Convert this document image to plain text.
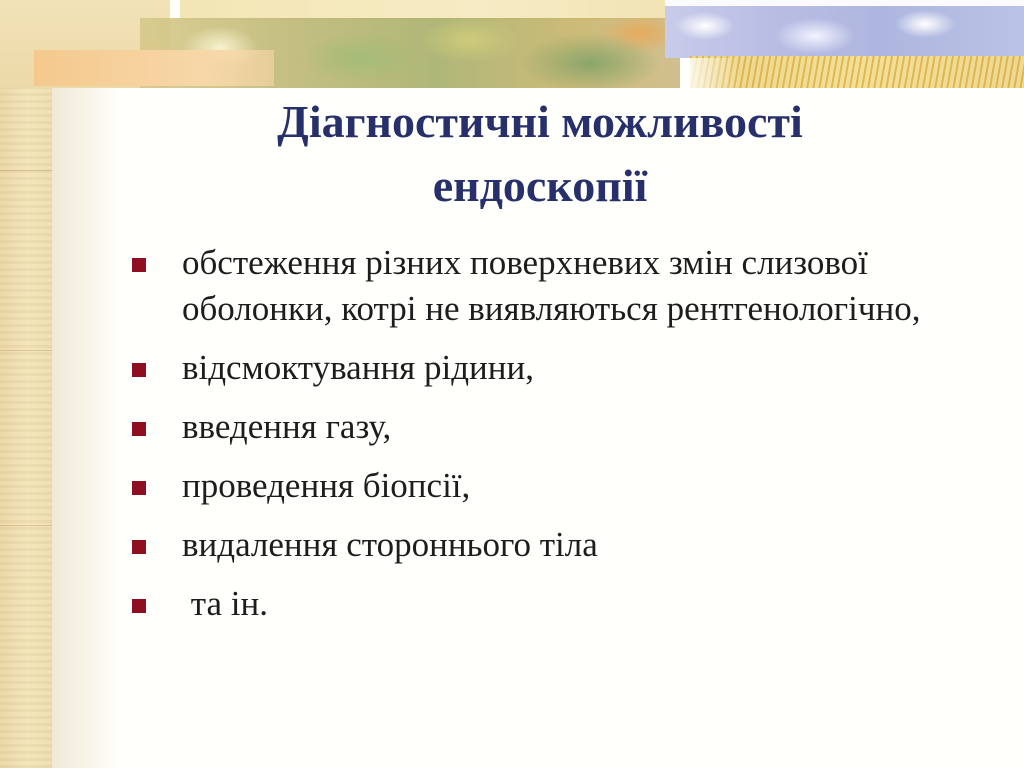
Діагностичні можливості
ендоскопії
обстеження різних поверхневих змін слизової оболонки, котрі не виявляються рентгенологічно,
відсмоктування рідини,
введення газу,
проведення біопсії,
видалення стороннього тіла
та ін.
